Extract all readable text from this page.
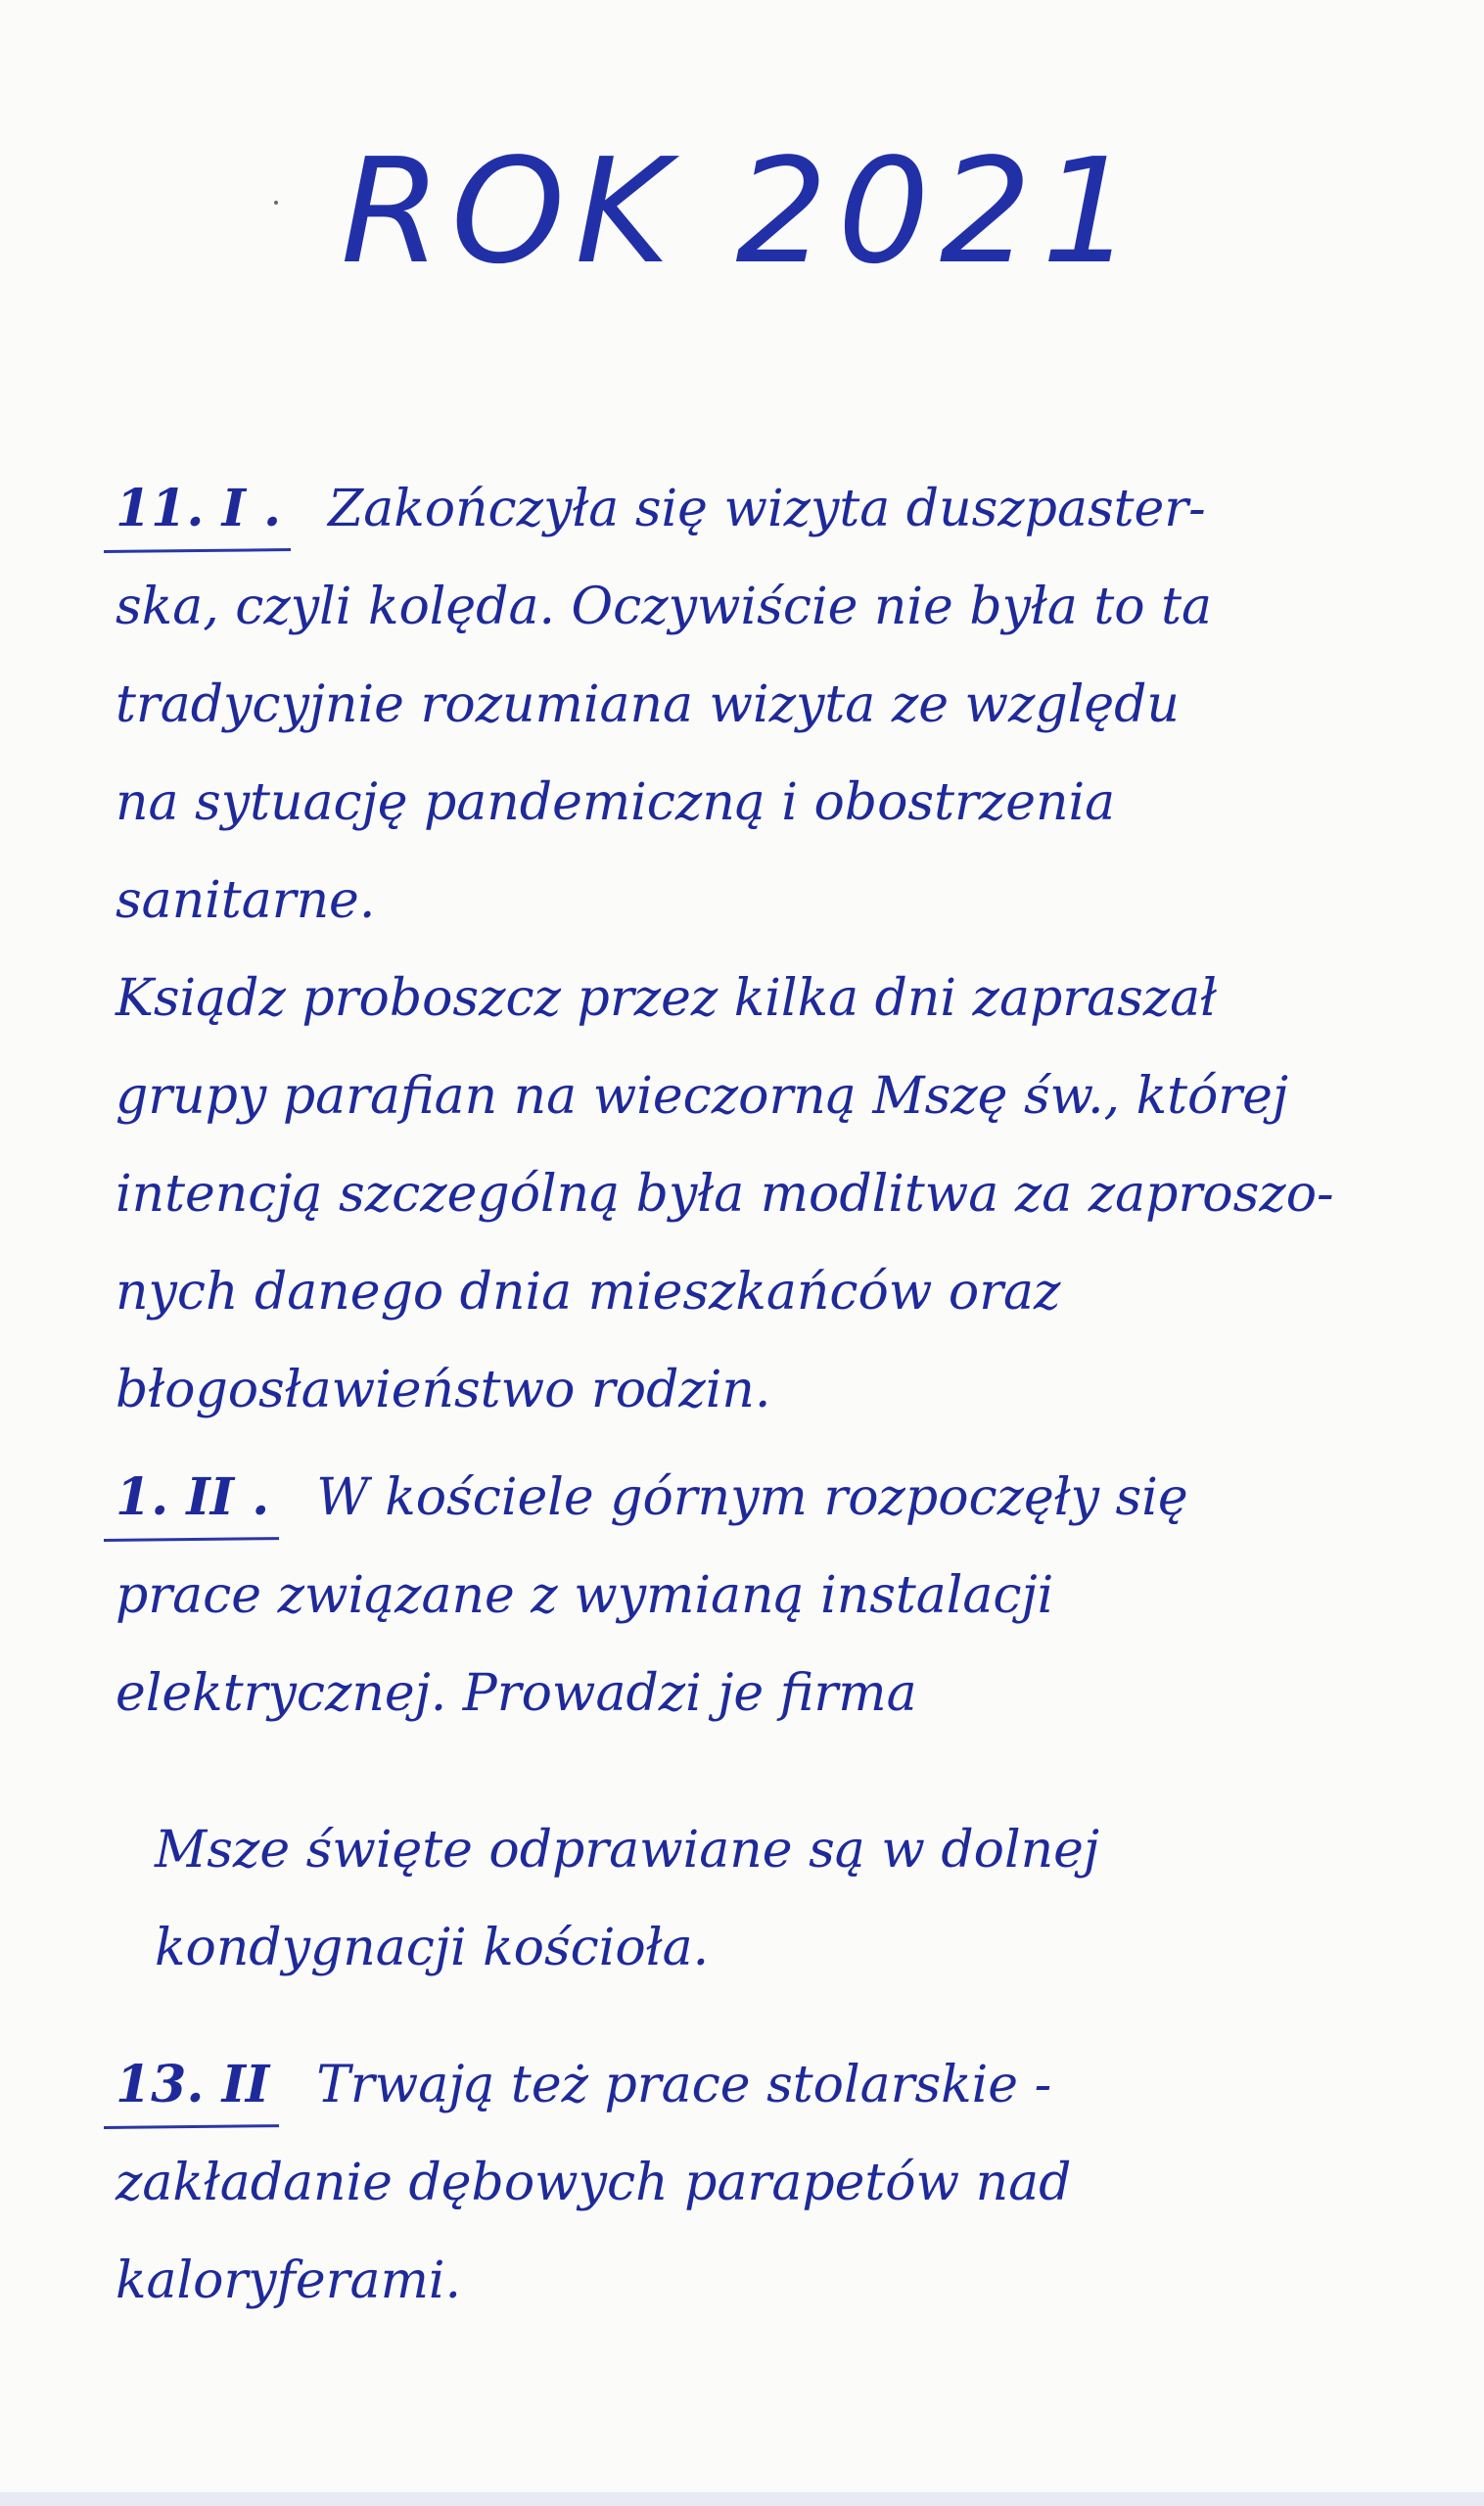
ROK 2021
11. I . Zakończyła się wizyta duszpaster-
ska, czyli kolęda. Oczywiście nie była to ta
tradycyjnie rozumiana wizyta ze względu
na sytuację pandemiczną i obostrzenia
sanitarne.
Ksiądz proboszcz przez kilka dni zapraszał
grupy parafian na wieczorną Mszę św., której
intencją szczególną była modlitwa za zaproszo-
nych danego dnia mieszkańców oraz
błogosławieństwo rodzin.
1. II . W kościele górnym rozpoczęły się
prace związane z wymianą instalacji
elektrycznej. Prowadzi je firma
Msze święte odprawiane są w dolnej
kondygnacji kościoła.
13. II Trwają też prace stolarskie -
zakładanie dębowych parapetów nad
kaloryferami.
